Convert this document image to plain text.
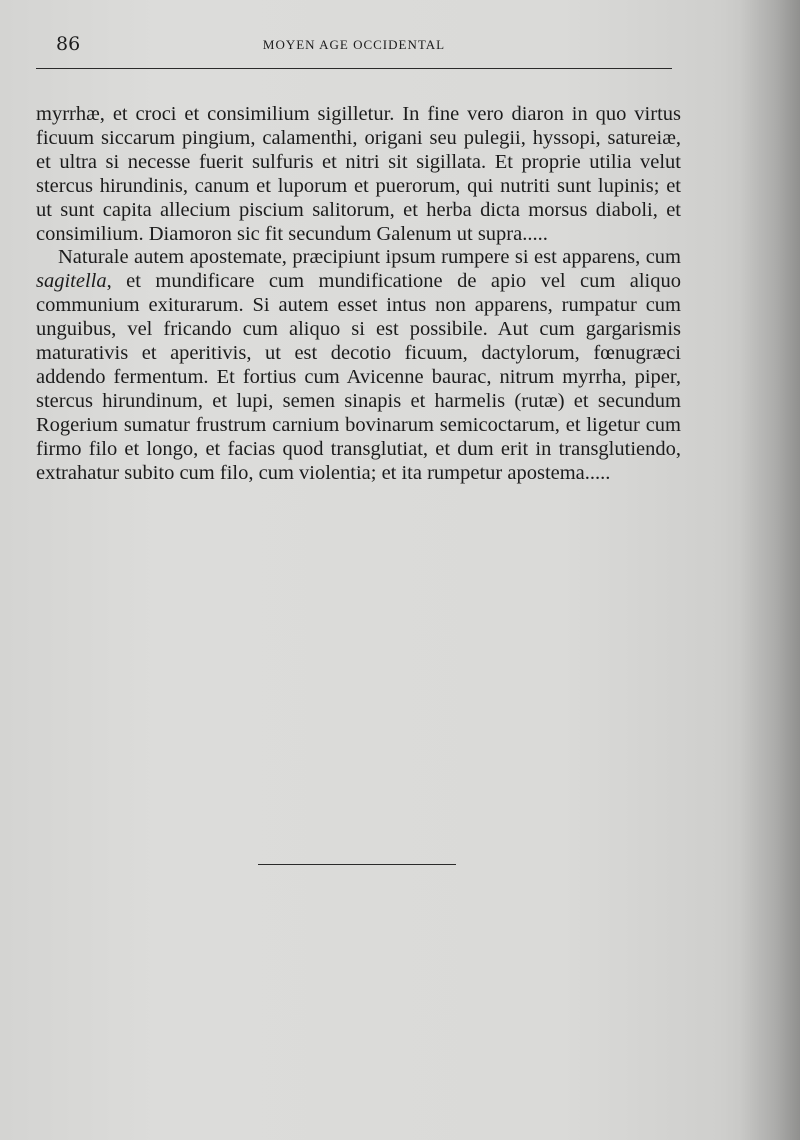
86	MOYEN AGE OCCIDENTAL

myrrhæ, et croci et consimilium sigilletur. In fine vero diaron in quo virtus ficuum siccarum pingium, calamenthi, origani seu pulegii, hyssopi, satureiæ, et ultra si necesse fuerit sulfuris et nitri sit sigillata. Et proprie utilia velut stercus hirundinis, canum et luporum et puerorum, qui nutriti sunt lupinis; et ut sunt capita allecium piscium salitorum, et herba dicta morsus diaboli, et consimilium. Diamoron sic fit secundum Galenum ut supra.....

Naturale autem apostemate, præcipiunt ipsum rumpere si est apparens, cum sagitella, et mundificare cum mundificatione de apio vel cum aliquo communium exiturarum. Si autem esset intus non apparens, rumpatur cum unguibus, vel fricando cum aliquo si est possibile. Aut cum gargarismis maturativis et aperitivis, ut est decotio ficuum, dactylorum, fœnugræci addendo fermentum. Et fortius cum Avicenne baurac, nitrum myrrha, piper, stercus hirundinum, et lupi, semen sinapis et harmelis (rutæ) et secundum Rogerium sumatur frustrum carnium bovinarum semicoctarum, et ligetur cum firmo filo et longo, et facias quod transglutiat, et dum erit in transglutiendo, extrahatur subito cum filo, cum violentia; et ita rumpetur apostema.....
